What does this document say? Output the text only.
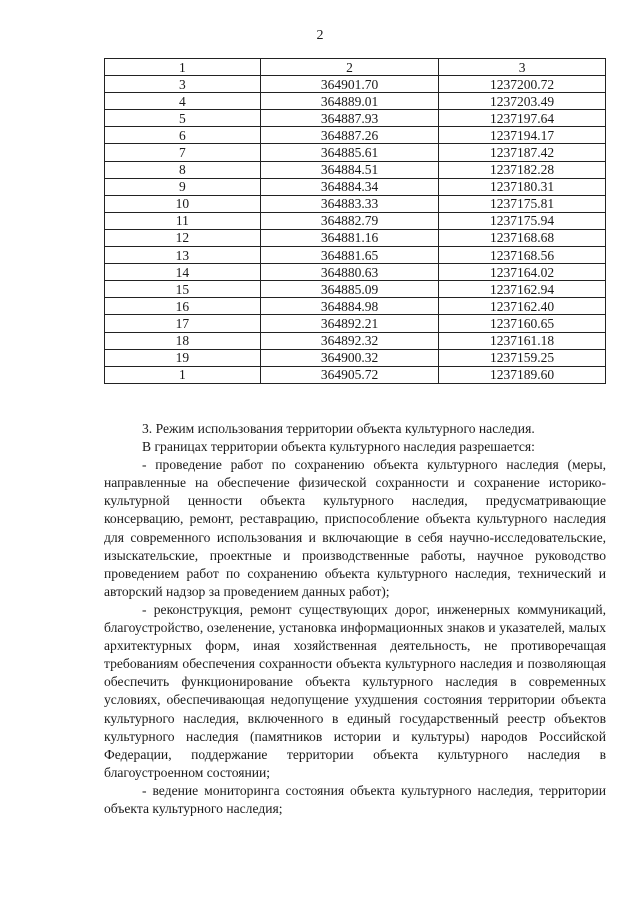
2
1	2	3
3	364901.70	1237200.72
4	364889.01	1237203.49
5	364887.93	1237197.64
6	364887.26	1237194.17
7	364885.61	1237187.42
8	364884.51	1237182.28
9	364884.34	1237180.31
10	364883.33	1237175.81
11	364882.79	1237175.94
12	364881.16	1237168.68
13	364881.65	1237168.56
14	364880.63	1237164.02
15	364885.09	1237162.94
16	364884.98	1237162.40
17	364892.21	1237160.65
18	364892.32	1237161.18
19	364900.32	1237159.25
1	364905.72	1237189.60

3. Режим использования территории объекта культурного наследия.

В границах территории объекта культурного наследия разрешается:

- проведение работ по сохранению объекта культурного наследия (меры, направленные на обеспечение физической сохранности и сохранение историко-культурной ценности объекта культурного наследия, предусматривающие консервацию, ремонт, реставрацию, приспособление объекта культурного наследия для современного использования и включающие в себя научно-исследовательские, изыскательские, проектные и производственные работы, научное руководство проведением работ по сохранению объекта культурного наследия, технический и авторский надзор за проведением данных работ);

- реконструкция, ремонт существующих дорог, инженерных коммуникаций, благоустройство, озеленение, установка информационных знаков и указателей, малых архитектурных форм, иная хозяйственная деятельность, не противоречащая требованиям обеспечения сохранности объекта культурного наследия и позволяющая обеспечить функционирование объекта культурного наследия в современных условиях, обеспечивающая недопущение ухудшения состояния территории объекта культурного наследия, включенного в единый государственный реестр объектов культурного наследия (памятников истории и культуры) народов Российской Федерации, поддержание территории объекта культурного наследия в благоустроенном состоянии;

- ведение мониторинга состояния объекта культурного наследия, территории объекта культурного наследия;
